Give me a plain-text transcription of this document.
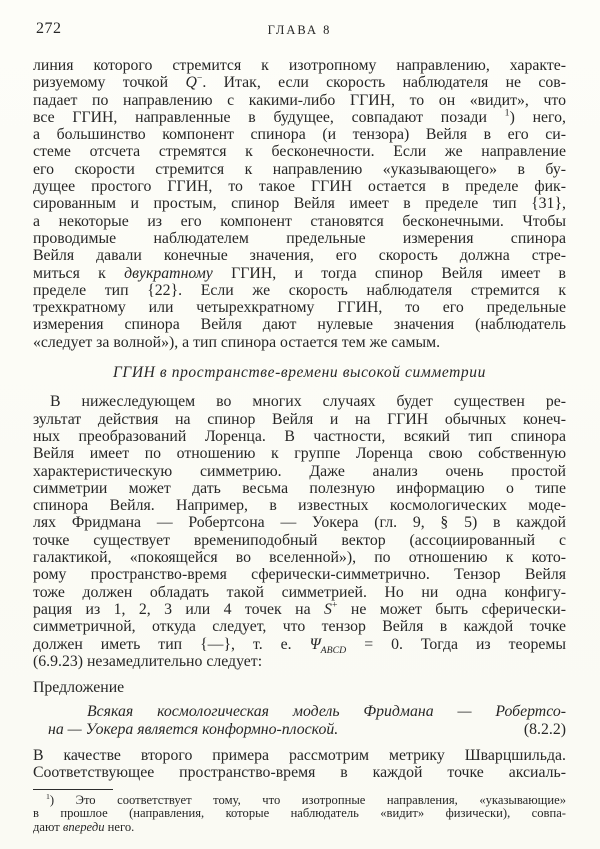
272	ГЛАВА 8
линия которого стремится к изотропному направлению, характе-
ризуемому точкой Q−. Итак, если скорость наблюдателя не сов-
падает по направлению с какими-либо ГГИН, то он «видит», что
все ГГИН, направленные в будущее, совпадают позади $^1$) него,
а большинство компонент спинора (и тензора) Вейля в его си-
стеме отсчета стремятся к бесконечности. Если же направление
его скорости стремится к направлению «указывающего» в бу-
дущее простого ГГИН, то такое ГГИН остается в пределе фик-
сированным и простым, спинор Вейля имеет в пределе тип {31},
а некоторые из его компонент становятся бесконечными. Чтобы
проводимые наблюдателем предельные измерения спинора
Вейля давали конечные значения, его скорость должна стре-
миться к двукратному ГГИН, и тогда спинор Вейля имеет в
пределе тип {22}. Если же скорость наблюдателя стремится к
трехкратному или четырехкратному ГГИН, то его предельные
измерения спинора Вейля дают нулевые значения (наблюдатель
«следует за волной»), а тип спинора остается тем же самым.
ГГИН в пространстве-времени высокой симметрии
В нижеследующем во многих случаях будет существен ре-
зультат действия на спинор Вейля и на ГГИН обычных конеч-
ных преобразований Лоренца. В частности, всякий тип спинора
Вейля имеет по отношению к группе Лоренца свою собственную
характеристическую симметрию. Даже анализ очень простой
симметрии может дать весьма полезную информацию о типе
спинора Вейля. Например, в известных космологических моде-
лях Фридмана — Робертсона — Уокера (гл. 9, § 5) в каждой
точке существует времениподобный вектор (ассоциированный с
галактикой, «покоящейся во вселенной»), по отношению к кото-
рому пространство-время сферически-симметрично. Тензор Вейля
тоже должен обладать такой симметрией. Но ни одна конфигу-
рация из 1, 2, 3 или 4 точек на S+ не может быть сферически-
симметричной, откуда следует, что тензор Вейля в каждой точке
должен иметь тип {—}, т. е. $\Psi_{ABCD} = 0$. Тогда из теоремы
(6.9.23) незамедлительно следует:
Предложение
Всякая космологическая модель Фридмана — Робертсо-
на — Уокера является конформно-плоской.	(8.2.2)
В качестве второго примера рассмотрим метрику Шварцшильда.
Соответствующее пространство-время в каждой точке аксиаль-
$^1$) Это соответствует тому, что изотропные направления, «указывающие»
в прошлое (направления, которые наблюдатель «видит» физически), совпа-
дают впереди него.
